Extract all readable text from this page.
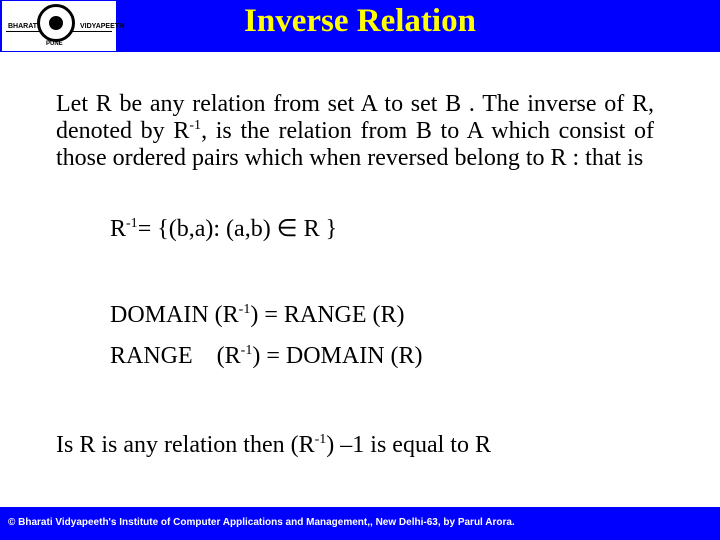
BHARATI	VIDYAPEETH
PUNE
Inverse Relation
Let R be any relation from set A to set B . The inverse of R, denoted by $R^{-1}$, is the relation from B to A which consist of those ordered pairs which when reversed belong to R : that is
$R^{-1}= \{(b,a)$: (a,b) ∈ R }
DOMAIN $(R^{-1})$ = RANGE (R)
RANGE    $(R^{-1})$ = DOMAIN (R)
Is R is any relation then $(R^{-1})$ –1 is equal to R
© Bharati Vidyapeeth's Institute of Computer Applications and Management,, New Delhi-63, by Parul Arora.
